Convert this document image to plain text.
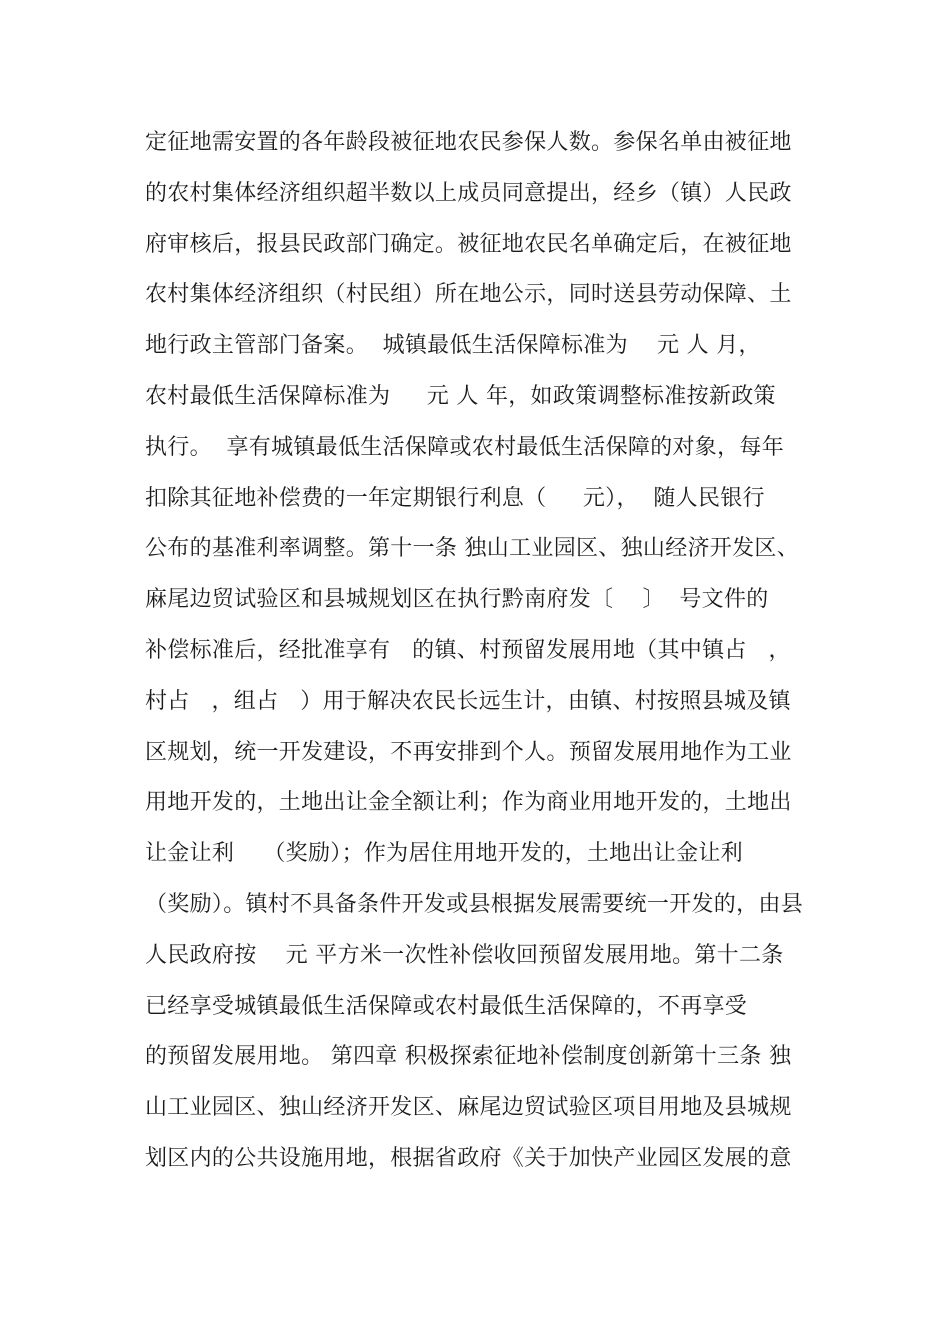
定征地需安置的各年龄段被征地农民参保人数。参保名单由被征地
的农村集体经济组织超半数以上成员同意提出，经乡（镇）人民政
府审核后，报县民政部门确定。被征地农民名单确定后，在被征地
农村集体经济组织（村民组）所在地公示，同时送县劳动保障、土
地行政主管部门备案。  城镇最低生活保障标准为    元 人 月，
农村最低生活保障标准为     元 人 年，如政策调整标准按新政策
执行。  享有城镇最低生活保障或农村最低生活保障的对象，每年
扣除其征地补偿费的一年定期银行利息（     元），  随人民银行
公布的基准利率调整。第十一条 独山工业园区、独山经济开发区、
麻尾边贸试验区和县城规划区在执行黔南府发〔    〕  号文件的
补偿标准后，经批准享有   的镇、村预留发展用地（其中镇占   ，
村占   ，组占   ）用于解决农民长远生计，由镇、村按照县城及镇
区规划，统一开发建设，不再安排到个人。预留发展用地作为工业
用地开发的，土地出让金全额让利；作为商业用地开发的，土地出
让金让利    （奖励）；作为居住用地开发的，土地出让金让利
（奖励）。镇村不具备条件开发或县根据发展需要统一开发的，由县
人民政府按    元 平方米一次性补偿收回预留发展用地。第十二条
已经享受城镇最低生活保障或农村最低生活保障的，不再享受
的预留发展用地。 第四章 积极探索征地补偿制度创新第十三条 独
山工业园区、独山经济开发区、麻尾边贸试验区项目用地及县城规
划区内的公共设施用地，根据省政府《关于加快产业园区发展的意
